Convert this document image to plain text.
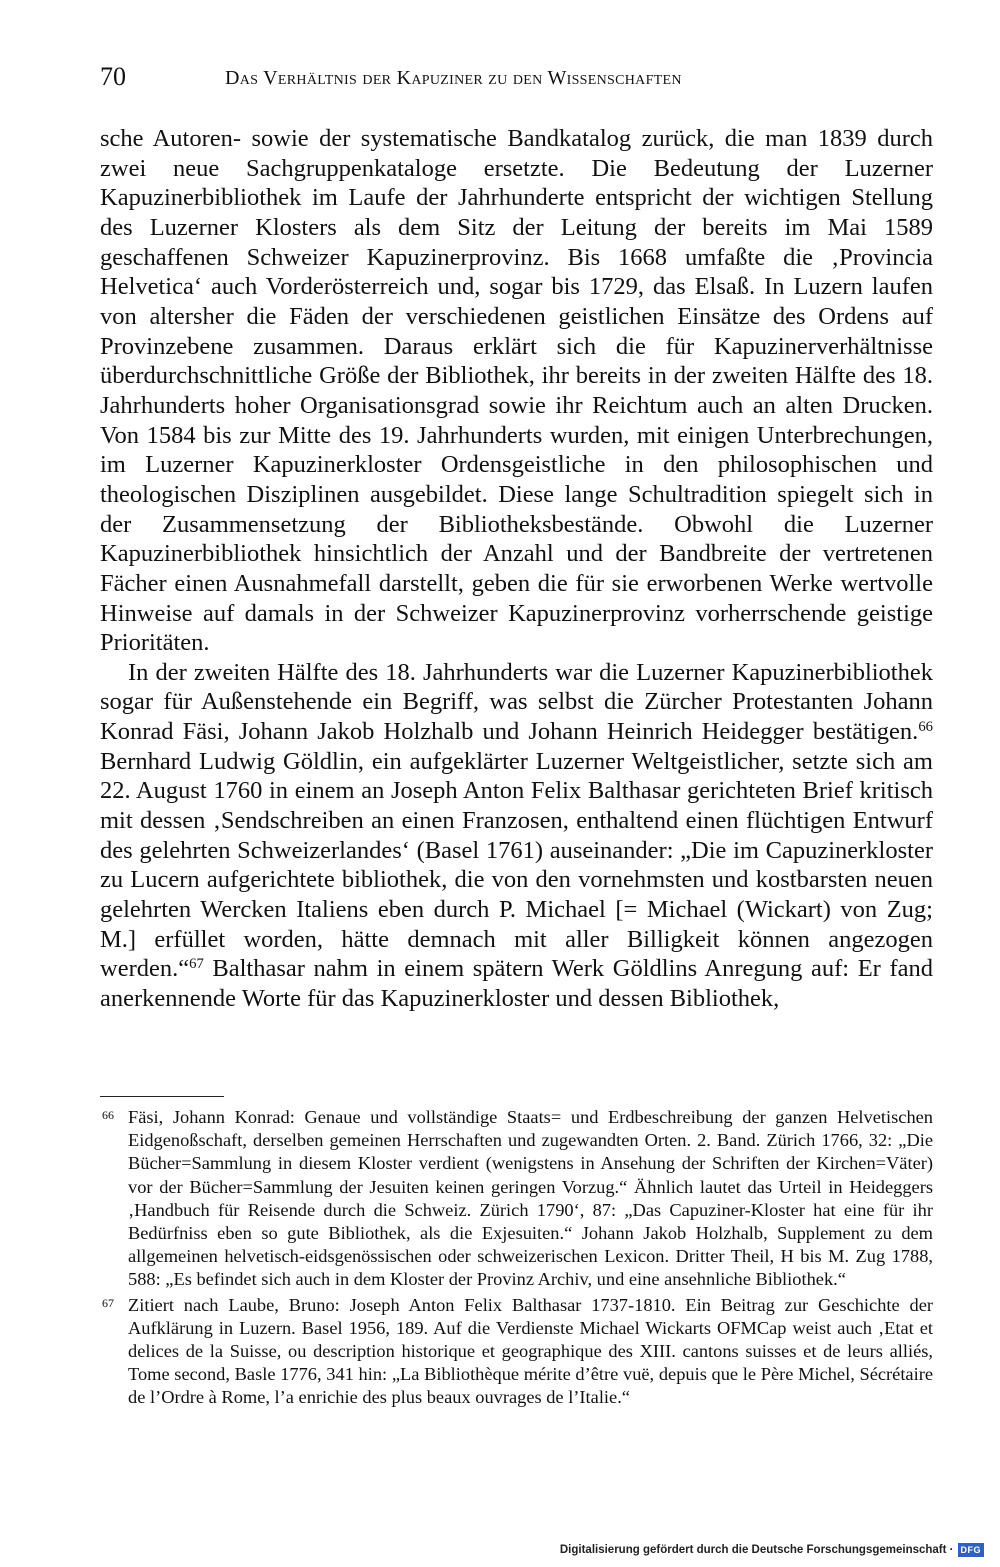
70	Das Verhältnis der Kapuziner zu den Wissenschaften

sche Autoren- sowie der systematische Bandkatalog zurück, die man 1839 durch zwei neue Sachgruppenkataloge ersetzte. Die Bedeutung der Luzerner Kapuzinerbibliothek im Laufe der Jahrhunderte entspricht der wichtigen Stellung des Luzerner Klosters als dem Sitz der Leitung der bereits im Mai 1589 geschaffenen Schweizer Kapuzinerprovinz. Bis 1668 umfaßte die ‚Provincia Helvetica‘ auch Vorderösterreich und, sogar bis 1729, das Elsaß. In Luzern laufen von altersher die Fäden der verschiedenen geistlichen Einsätze des Ordens auf Provinzebene zusammen. Daraus erklärt sich die für Kapuzinerverhältnisse überdurchschnittliche Größe der Bibliothek, ihr bereits in der zweiten Hälfte des 18. Jahrhunderts hoher Organisationsgrad sowie ihr Reichtum auch an alten Drucken. Von 1584 bis zur Mitte des 19. Jahrhunderts wurden, mit einigen Unterbrechungen, im Luzerner Kapuzinerkloster Ordensgeistliche in den philosophischen und theologischen Disziplinen ausgebildet. Diese lange Schultradition spiegelt sich in der Zusammensetzung der Bibliotheksbestände. Obwohl die Luzerner Kapuzinerbibliothek hinsichtlich der Anzahl und der Bandbreite der vertretenen Fächer einen Ausnahmefall darstellt, geben die für sie erworbenen Werke wertvolle Hinweise auf damals in der Schweizer Kapuzinerprovinz vorherrschende geistige Prioritäten.

In der zweiten Hälfte des 18. Jahrhunderts war die Luzerner Kapuzinerbibliothek sogar für Außenstehende ein Begriff, was selbst die Zürcher Protestanten Johann Konrad Fäsi, Johann Jakob Holzhalb und Johann Heinrich Heidegger bestätigen.$^{66}$ Bernhard Ludwig Göldlin, ein aufgeklärter Luzerner Weltgeistlicher, setzte sich am 22. August 1760 in einem an Joseph Anton Felix Balthasar gerichteten Brief kritisch mit dessen ‚Sendschreiben an einen Franzosen, enthaltend einen flüchtigen Entwurf des gelehrten Schweizerlandes‘ (Basel 1761) auseinander: „Die im Capuzinerkloster zu Lucern aufgerichtete bibliothek, die von den vornehmsten und kostbarsten neuen gelehrten Wercken Italiens eben durch P. Michael [= Michael (Wickart) von Zug; M.] erfüllet worden, hätte demnach mit aller Billigkeit können angezogen werden.“$^{67}$ Balthasar nahm in einem spätern Werk Göldlins Anregung auf: Er fand anerkennende Worte für das Kapuzinerkloster und dessen Bibliothek,

66 Fäsi, Johann Konrad: Genaue und vollständige Staats= und Erdbeschreibung der ganzen Helvetischen Eidgenoßschaft, derselben gemeinen Herrschaften und zugewandten Orten. 2. Band. Zürich 1766, 32: „Die Bücher=Sammlung in diesem Kloster verdient (wenigstens in Ansehung der Schriften der Kirchen=Väter) vor der Bücher=Sammlung der Jesuiten keinen geringen Vorzug.“ Ähnlich lautet das Urteil in Heideggers ‚Handbuch für Reisende durch die Schweiz. Zürich 1790‘, 87: „Das Capuziner-Kloster hat eine für ihr Bedürfniss eben so gute Bibliothek, als die Exjesuiten.“ Johann Jakob Holzhalb, Supplement zu dem allgemeinen helvetisch-eidsgenössischen oder schweizerischen Lexicon. Dritter Theil, H bis M. Zug 1788, 588: „Es befindet sich auch in dem Kloster der Provinz Archiv, und eine ansehnliche Bibliothek.“
67 Zitiert nach Laube, Bruno: Joseph Anton Felix Balthasar 1737-1810. Ein Beitrag zur Geschichte der Aufklärung in Luzern. Basel 1956, 189. Auf die Verdienste Michael Wickarts OFMCap weist auch ‚Etat et delices de la Suisse, ou description historique et geographique des XIII. cantons suisses et de leurs alliés, Tome second, Basle 1776, 341 hin: „La Bibliothèque mérite d’être vuë, depuis que le Père Michel, Sécrétaire de l’Ordre à Rome, l’a enrichie des plus beaux ouvrages de l’Italie.“
Digitalisierung gefördert durch die Deutsche Forschungsgemeinschaft · DFG
